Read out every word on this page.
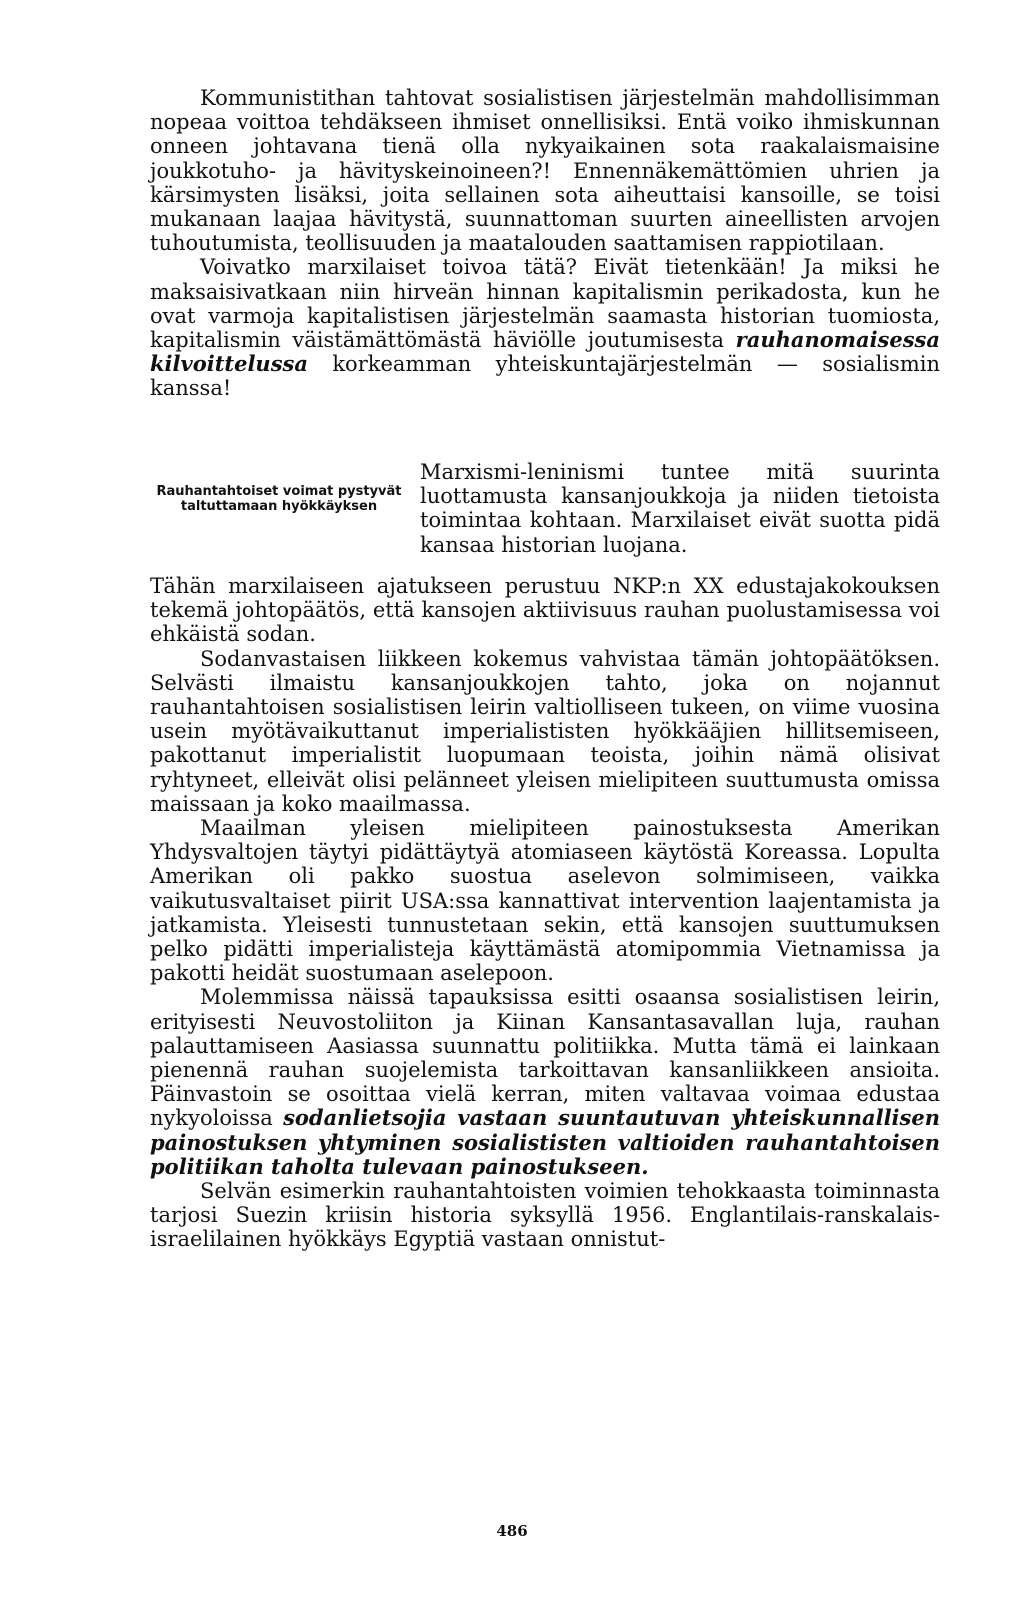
Kommunistithan tahtovat sosialistisen järjestelmän mahdollisimman nopeaa voittoa tehdäkseen ihmiset onnellisiksi. Entä voiko ihmiskunnan onneen johtavana tienä olla nykyaikainen sota raakalaismaisine joukkotuho- ja hävityskeinoineen?! Ennennäkemättömien uhrien ja kärsimysten lisäksi, joita sellainen sota aiheuttaisi kansoille, se toisi mukanaan laajaa hävitystä, suunnattoman suurten aineellisten arvojen tuhoutumista, teollisuuden ja maatalouden saattamisen rappiotilaan.

Voivatko marxilaiset toivoa tätä? Eivät tietenkään! Ja miksi he maksaisivatkaan niin hirveän hinnan kapitalismin perikadosta, kun he ovat varmoja kapitalistisen järjestelmän saamasta historian tuomiosta, kapitalismin väistämättömästä häviölle joutumisesta rauhanomaisessa kilvoittelussa korkeamman yhteiskuntajärjestelmän — sosialismin kanssa!

Rauhantahtoiset voimat pystyvät taltuttamaan hyökkäyksen
Marxismi-leninismi tuntee mitä suurinta luottamusta kansanjoukkoja ja niiden tietoista toimintaa kohtaan. Marxilaiset eivät suotta pidä kansaa historian luojana.

Tähän marxilaiseen ajatukseen perustuu NKP:n XX edustajakokouksen tekemä johtopäätös, että kansojen aktiivisuus rauhan puolustamisessa voi ehkäistä sodan.

Sodanvastaisen liikkeen kokemus vahvistaa tämän johtopäätöksen. Selvästi ilmaistu kansanjoukkojen tahto, joka on nojannut rauhantahtoisen sosialistisen leirin valtiolliseen tukeen, on viime vuosina usein myötävaikuttanut imperialististen hyökkääjien hillitsemiseen, pakottanut imperialistit luopumaan teoista, joihin nämä olisivat ryhtyneet, elleivät olisi pelänneet yleisen mielipiteen suuttumusta omissa maissaan ja koko maailmassa.

Maailman yleisen mielipiteen painostuksesta Amerikan Yhdysvaltojen täytyi pidättäytyä atomiaseen käytöstä Koreassa. Lopulta Amerikan oli pakko suostua aselevon solmimiseen, vaikka vaikutusvaltaiset piirit USA:ssa kannattivat intervention laajentamista ja jatkamista. Yleisesti tunnustetaan sekin, että kansojen suuttumuksen pelko pidätti imperialisteja käyttämästä atomipommia Vietnamissa ja pakotti heidät suostumaan aselepoon.

Molemmissa näissä tapauksissa esitti osaansa sosialistisen leirin, erityisesti Neuvostoliiton ja Kiinan Kansantasavallan luja, rauhan palauttamiseen Aasiassa suunnattu politiikka. Mutta tämä ei lainkaan pienennä rauhan suojelemista tarkoittavan kansanliikkeen ansioita. Päinvastoin se osoittaa vielä kerran, miten valtavaa voimaa edustaa nykyoloissa sodanlietsojia vastaan suuntautuvan yhteiskunnallisen painostuksen yhtyminen sosialististen valtioiden rauhantahtoisen politiikan taholta tulevaan painostukseen.

Selvän esimerkin rauhantahtoisten voimien tehokkaasta toiminnasta tarjosi Suezin kriisin historia syksyllä 1956. Englantilais-ranskalais-israelilainen hyökkäys Egyptiä vastaan onnistut-

486
